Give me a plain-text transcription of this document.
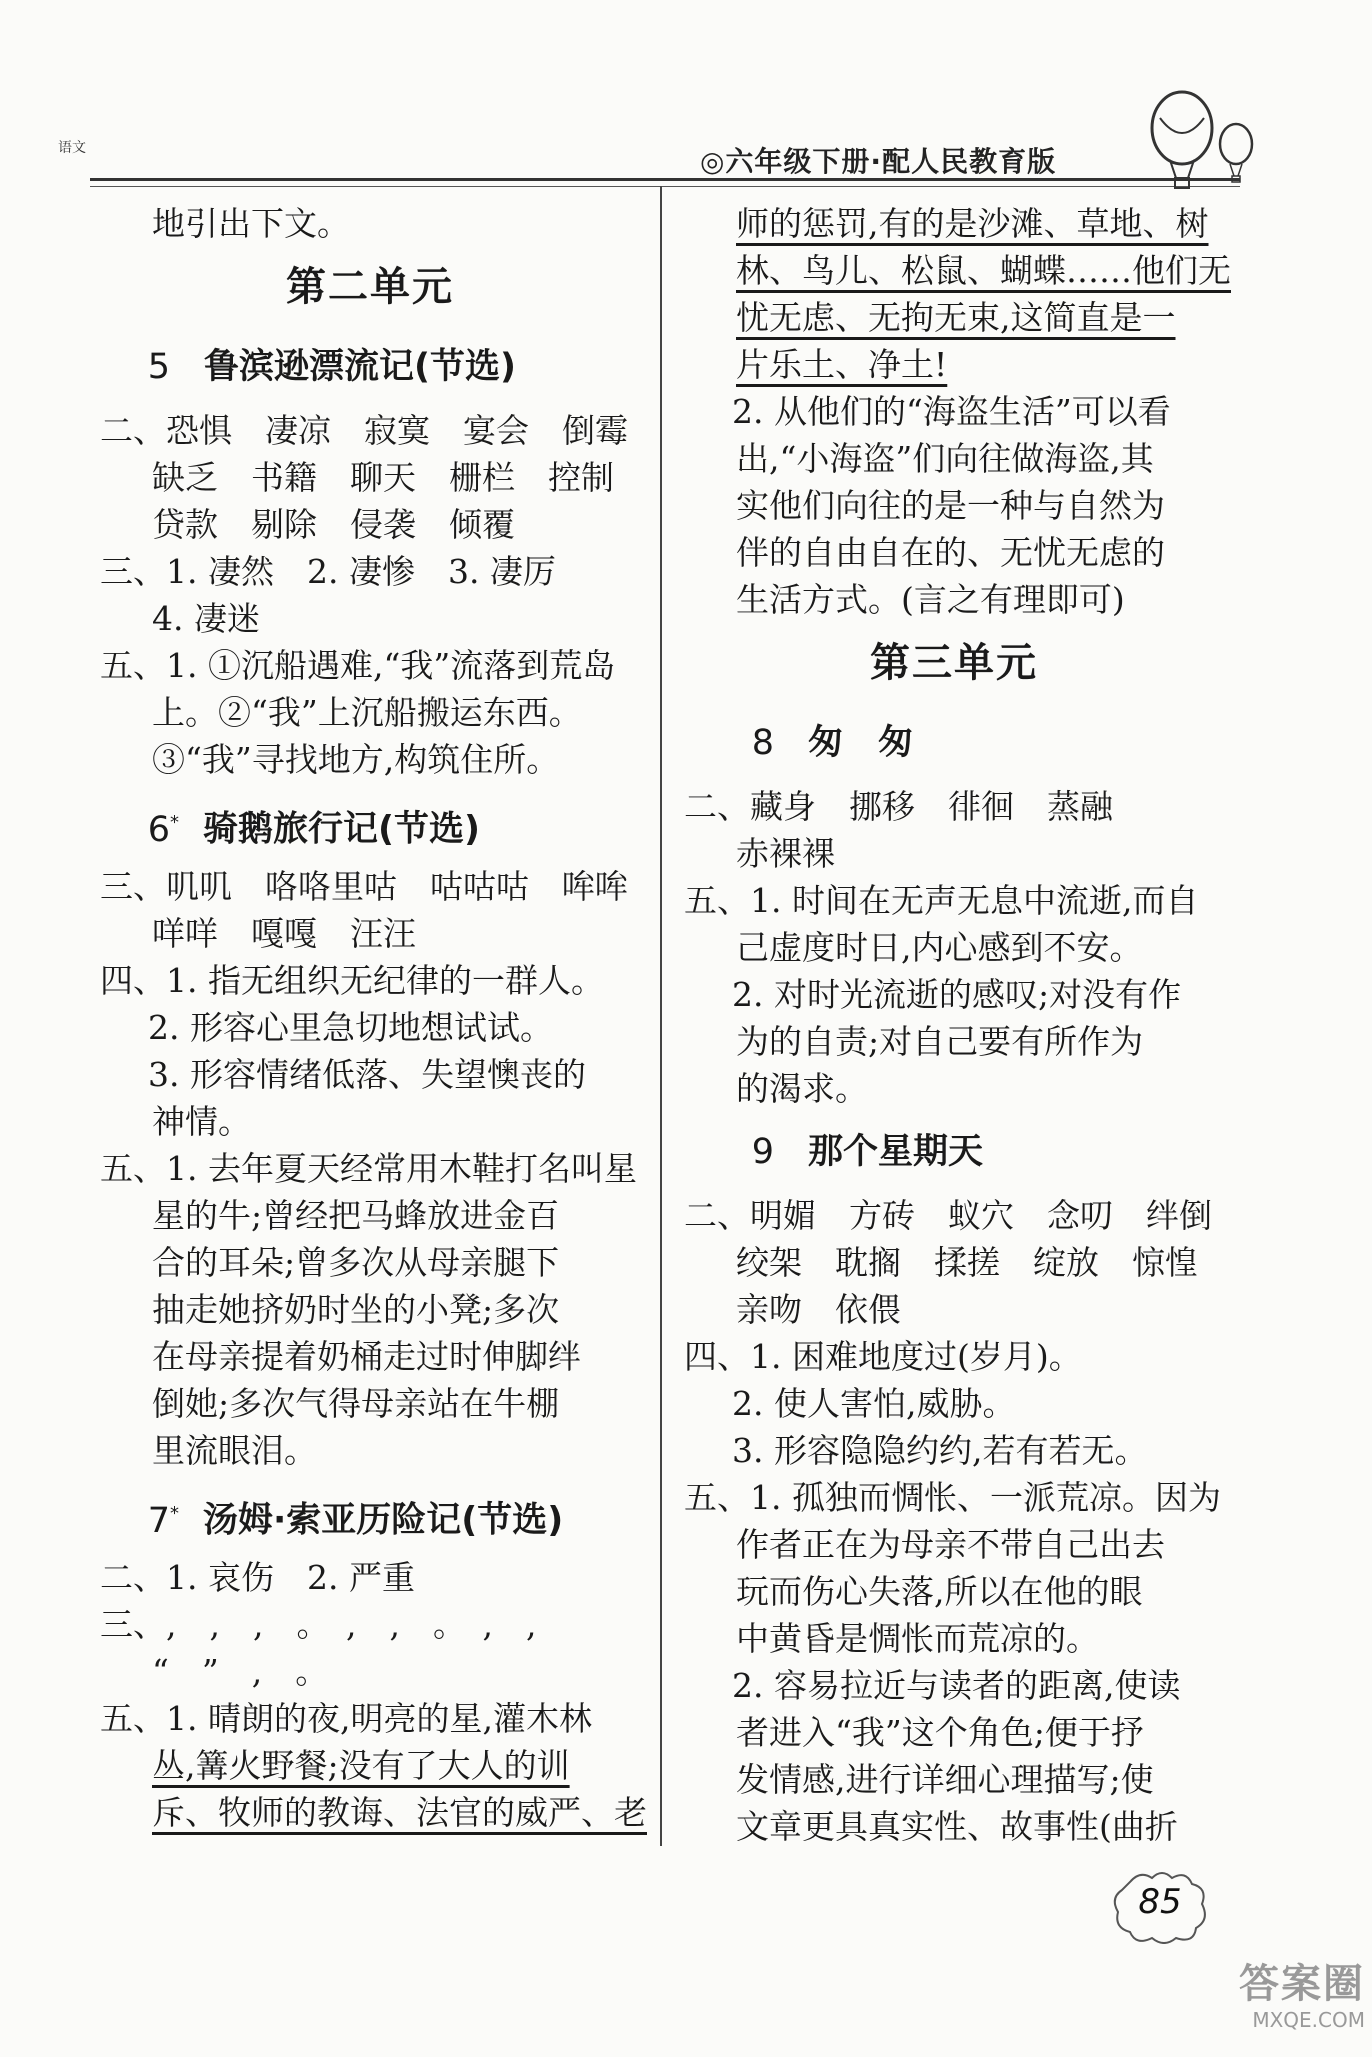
语文	◎六年级下册·配人民教育版
地引出下文。
第二单元
5 鲁滨逊漂流记(节选)
二、恐惧　凄凉　寂寞　宴会　倒霉
缺乏　书籍　聊天　栅栏　控制
贷款　剔除　侵袭　倾覆
三、1. 凄然　2. 凄惨　3. 凄厉
4. 凄迷
五、1. ①沉船遇难,“我”流落到荒岛
上。②“我”上沉船搬运东西。
③“我”寻找地方,构筑住所。
6* 骑鹅旅行记(节选)
三、叽叽　咯咯里咕　咕咕咕　哞哞
咩咩　嘎嘎　汪汪
四、1. 指无组织无纪律的一群人。
2. 形容心里急切地想试试。
3. 形容情绪低落、失望懊丧的
神情。
五、1. 去年夏天经常用木鞋打名叫星
星的牛;曾经把马蜂放进金百
合的耳朵;曾多次从母亲腿下
抽走她挤奶时坐的小凳;多次
在母亲提着奶桶走过时伸脚绊
倒她;多次气得母亲站在牛棚
里流眼泪。
7* 汤姆·索亚历险记(节选)
二、1. 哀伤　2. 严重
三、,　,　,　。　,　,　。　,　,
“　”　,　。
五、1. 晴朗的夜,明亮的星,灌木林
丛,篝火野餐;没有了大人的训
斥、牧师的教诲、法官的威严、老
师的惩罚,有的是沙滩、草地、树
林、鸟儿、松鼠、蝴蝶……他们无
忧无虑、无拘无束,这简直是一
片乐土、净土!
2. 从他们的“海盗生活”可以看
出,“小海盗”们向往做海盗,其
实他们向往的是一种与自然为
伴的自由自在的、无忧无虑的
生活方式。(言之有理即可)
第三单元
8 匆　匆
二、藏身　挪移　徘徊　蒸融
赤裸裸
五、1. 时间在无声无息中流逝,而自
己虚度时日,内心感到不安。
2. 对时光流逝的感叹;对没有作
为的自责;对自己要有所作为
的渴求。
9 那个星期天
二、明媚　方砖　蚁穴　念叨　绊倒
绞架　耽搁　揉搓　绽放　惊惶
亲吻　依偎
四、1. 困难地度过(岁月)。
2. 使人害怕,威胁。
3. 形容隐隐约约,若有若无。
五、1. 孤独而惆怅、一派荒凉。因为
作者正在为母亲不带自己出去
玩而伤心失落,所以在他的眼
中黄昏是惆怅而荒凉的。
2. 容易拉近与读者的距离,使读
者进入“我”这个角色;便于抒
发情感,进行详细心理描写;使
文章更具真实性、故事性(曲折
85
答案圈
MXQE.COM
